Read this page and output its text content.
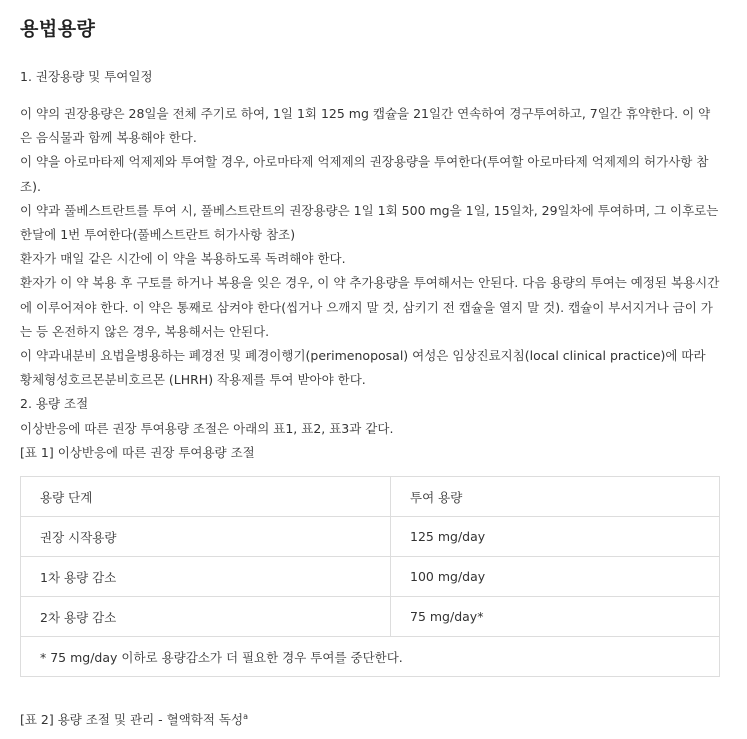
용법용량
1. 권장용량 및 투여일정

이 약의 권장용량은 28일을 전체 주기로 하여, 1일 1회 125 mg 캡슐을 21일간 연속하여 경구투여하고, 7일간 휴약한다. 이 약은 음식물과 함께 복용해야 한다.

이 약을 아로마타제 억제제와 투여할 경우, 아로마타제 억제제의 권장용량을 투여한다(투여할 아로마타제 억제제의 허가사항 참조).

이 약과 풀베스트란트를 투여 시, 풀베스트란트의 권장용량은 1일 1회 500 mg을 1일, 15일차, 29일차에 투여하며, 그 이후로는 한달에 1번 투여한다(풀베스트란트 허가사항 참조)

환자가 매일 같은 시간에 이 약을 복용하도록 독려해야 한다.

환자가 이 약 복용 후 구토를 하거나 복용을 잊은 경우, 이 약 추가용량을 투여해서는 안된다. 다음 용량의 투여는 예정된 복용시간에 이루어져야 한다. 이 약은 통째로 삼켜야 한다(씹거나 으깨지 말 것, 삼키기 전 캡슐을 열지 말 것). 캡슐이 부서지거나 금이 가는 등 온전하지 않은 경우, 복용해서는 안된다.

이 약과내분비 요법을병용하는 폐경전 및 폐경이행기(perimenoposal) 여성은 임상진료지침(local clinical practice)에 따라 황체형성호르몬분비호르몬 (LHRH) 작용제를 투여 받아야 한다.

2. 용량 조절

이상반응에 따른 권장 투여용량 조절은 아래의 표1, 표2, 표3과 같다.

[표 1] 이상반응에 따른 권장 투여용량 조절

용량 단계	투여 용량
권장 시작용량	125 mg/day
1차 용량 감소	100 mg/day
2차 용량 감소	75 mg/day*
* 75 mg/day 이하로 용량감소가 더 필요한 경우 투여를 중단한다.	
[표 2] 용량 조절 및 관리 - 혈액학적 독성$^a$
